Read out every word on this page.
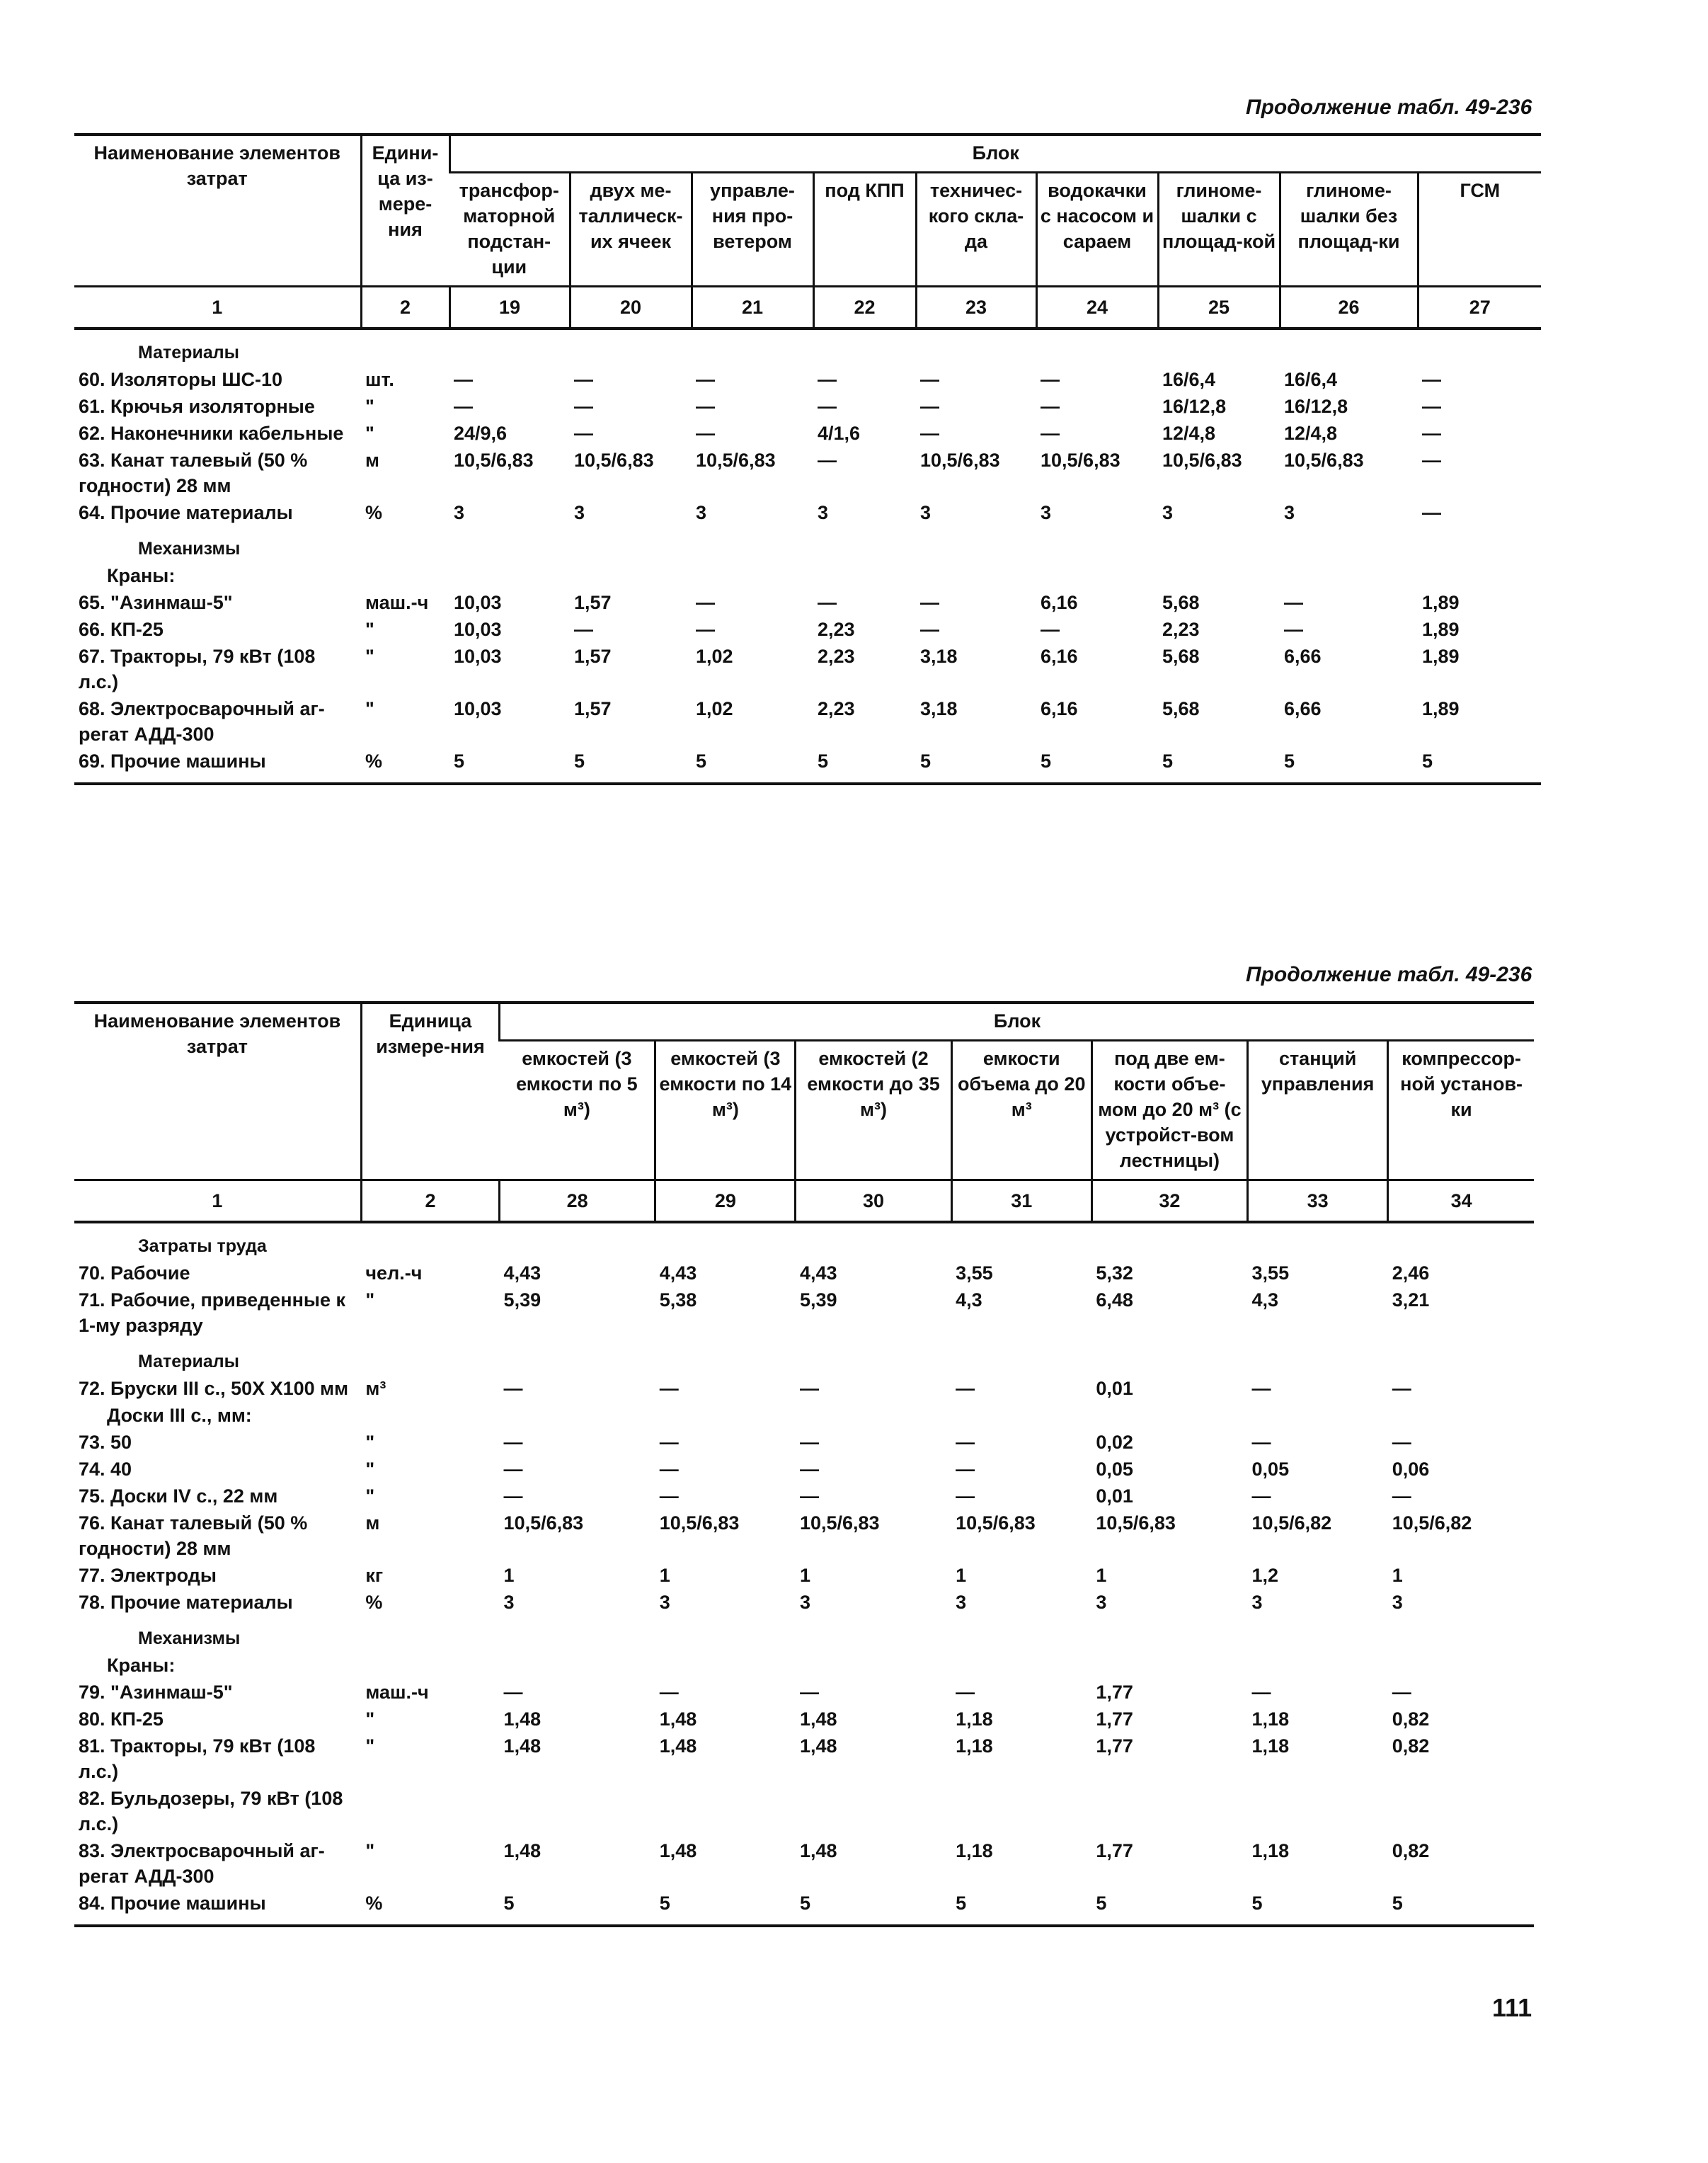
Продолжение табл. 49-236
Наименование элементов затрат	Едини-ца из-мере-ния	Блок								
		трансфор-маторной подстан-ции	двух ме-таллическ-их ячеек	управле-ния про-ветером	под КПП	техничес-кого скла-да	водокачки с насосом и сараем	глиноме-шалки с площад-кой	глиноме-шалки без площад-ки	ГСМ
1	2	19	20	21	22	23	24	25	26	27
Материалы										
60. Изоляторы ШС-10	шт.	—	—	—	—	—	—	16/6,4	16/6,4	—
61. Крючья изоляторные	"	—	—	—	—	—	—	16/12,8	16/12,8	—
62. Наконечники кабельные	"	24/9,6	—	—	4/1,6	—	—	12/4,8	12/4,8	—
63. Канат талевый (50 % годности) 28 мм	м	10,5/6,83	10,5/6,83	10,5/6,83	—	10,5/6,83	10,5/6,83	10,5/6,83	10,5/6,83	—
64. Прочие материалы	%	3	3	3	3	3	3	3	3	—
Механизмы										
Краны:										
65. "Азинмаш-5"	маш.-ч	10,03	1,57	—	—	—	6,16	5,68	—	1,89
66. КП-25	"	10,03	—	—	2,23	—	—	2,23	—	1,89
67. Тракторы, 79 кВт (108 л.с.)	"	10,03	1,57	1,02	2,23	3,18	6,16	5,68	6,66	1,89
68. Электросварочный аг-регат АДД-300	"	10,03	1,57	1,02	2,23	3,18	6,16	5,68	6,66	1,89
69. Прочие машины	%	5	5	5	5	5	5	5	5	5
Продолжение табл. 49-236
Наименование элементов затрат	Единица измере-ния	Блок						
		емкостей (3 емкости по 5 м³)	емкостей (3 емкости по 14 м³)	емкостей (2 емкости до 35 м³)	емкости объема до 20 м³	под две ем-кости объе-мом до 20 м³ (с устройст-вом лестницы)	станций управления	компрессор-ной установ-ки
1	2	28	29	30	31	32	33	34
Затраты труда								
70. Рабочие	чел.-ч	4,43	4,43	4,43	3,55	5,32	3,55	2,46
71. Рабочие, приведенные к 1-му разряду	"	5,39	5,38	5,39	4,3	6,48	4,3	3,21
Материалы								
72. Бруски III с., 50X X100 мм	м³	—	—	—	—	0,01	—	—
Доски III с., мм:								
73. 50	"	—	—	—	—	0,02	—	—
74. 40	"	—	—	—	—	0,05	0,05	0,06
75. Доски IV с., 22 мм	"	—	—	—	—	0,01	—	—
76. Канат талевый (50 % годности) 28 мм	м	10,5/6,83	10,5/6,83	10,5/6,83	10,5/6,83	10,5/6,83	10,5/6,82	10,5/6,82
77. Электроды	кг	1	1	1	1	1	1,2	1
78. Прочие материалы	%	3	3	3	3	3	3	3
Механизмы								
Краны:								
79. "Азинмаш-5"	маш.-ч	—	—	—	—	1,77	—	—
80. КП-25	"	1,48	1,48	1,48	1,18	1,77	1,18	0,82
81. Тракторы, 79 кВт (108 л.с.)	"	1,48	1,48	1,48	1,18	1,77	1,18	0,82
82. Бульдозеры, 79 кВт (108 л.с.)								
83. Электросварочный аг-регат АДД-300	"	1,48	1,48	1,48	1,18	1,77	1,18	0,82
84. Прочие машины	%	5	5	5	5	5	5	5
111
